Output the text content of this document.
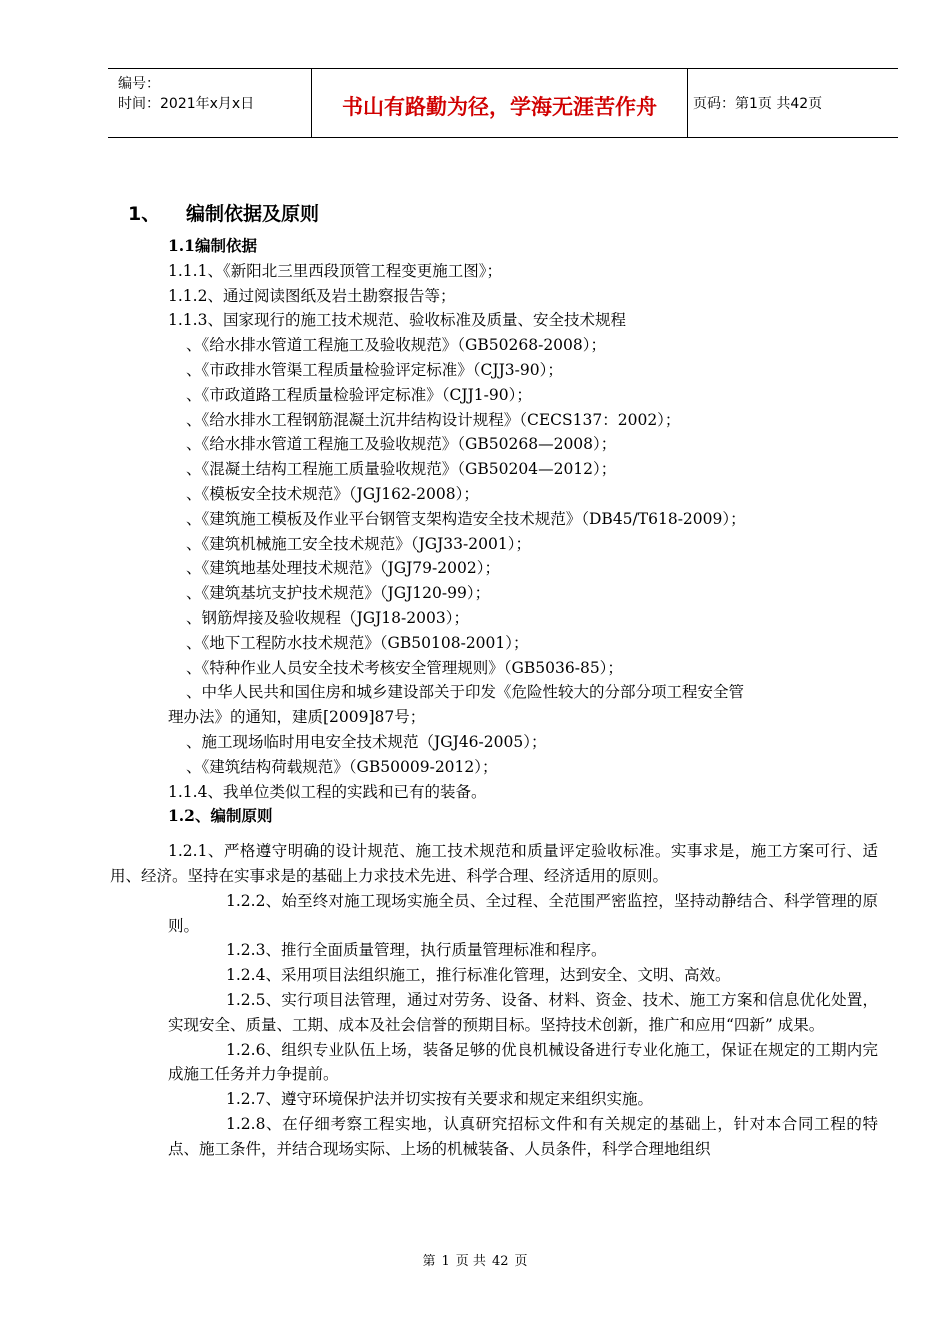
编号：
时间：2021年x月x日	书山有路勤为径，学海无涯苦作舟	页码：第1页 共42页
1、 编制依据及原则
1.1编制依据
1.1.1、《新阳北三里西段顶管工程变更施工图》；
1.1.2、通过阅读图纸及岩土勘察报告等；
1.1.3、国家现行的施工技术规范、验收标准及质量、安全技术规程
、《给水排水管道工程施工及验收规范》（GB50268-2008）；
、《市政排水管渠工程质量检验评定标准》（CJJ3-90）；
、《市政道路工程质量检验评定标准》（CJJ1-90）；
、《给水排水工程钢筋混凝土沉井结构设计规程》（CECS137：2002）；
、《给水排水管道工程施工及验收规范》（GB50268—2008）；
、《混凝土结构工程施工质量验收规范》（GB50204—2012）；
、《模板安全技术规范》（JGJ162-2008）；
、《建筑施工模板及作业平台钢管支架构造安全技术规范》（DB45/T618-2009）；
、《建筑机械施工安全技术规范》（JGJ33-2001）；
、《建筑地基处理技术规范》（JGJ79-2002）；
、《建筑基坑支护技术规范》（JGJ120-99）；
、钢筋焊接及验收规程（JGJ18-2003）；
、《地下工程防水技术规范》（GB50108-2001）；
、《特种作业人员安全技术考核安全管理规则》（GB5036-85）；
、中华人民共和国住房和城乡建设部关于印发《危险性较大的分部分项工程安全管
理办法》的通知，建质[2009]87号；
、施工现场临时用电安全技术规范（JGJ46-2005）；
、《建筑结构荷载规范》（GB50009-2012）；
1.1.4、我单位类似工程的实践和已有的装备。
1.2、编制原则

1.2.1、严格遵守明确的设计规范、施工技术规范和质量评定验收标准。实事求是，施工方案可行、适用、经济。坚持在实事求是的基础上力求技术先进、科学合理、经济适用的原则。

1.2.2、始至终对施工现场实施全员、全过程、全范围严密监控，坚持动静结合、科学管理的原则。

1.2.3、推行全面质量管理，执行质量管理标准和程序。

1.2.4、采用项目法组织施工，推行标准化管理，达到安全、文明、高效。

1.2.5、实行项目法管理，通过对劳务、设备、材料、资金、技术、施工方案和信息优化处置，实现安全、质量、工期、成本及社会信誉的预期目标。坚持技术创新，推广和应用“四新” 成果。

1.2.6、组织专业队伍上场，装备足够的优良机械设备进行专业化施工，保证在规定的工期内完成施工任务并力争提前。

1.2.7、遵守环境保护法并切实按有关要求和规定来组织实施。

1.2.8、在仔细考察工程实地，认真研究招标文件和有关规定的基础上，针对本合同工程的特点、施工条件，并结合现场实际、上场的机械装备、人员条件，科学合理地组织

第 1 页 共 42 页
